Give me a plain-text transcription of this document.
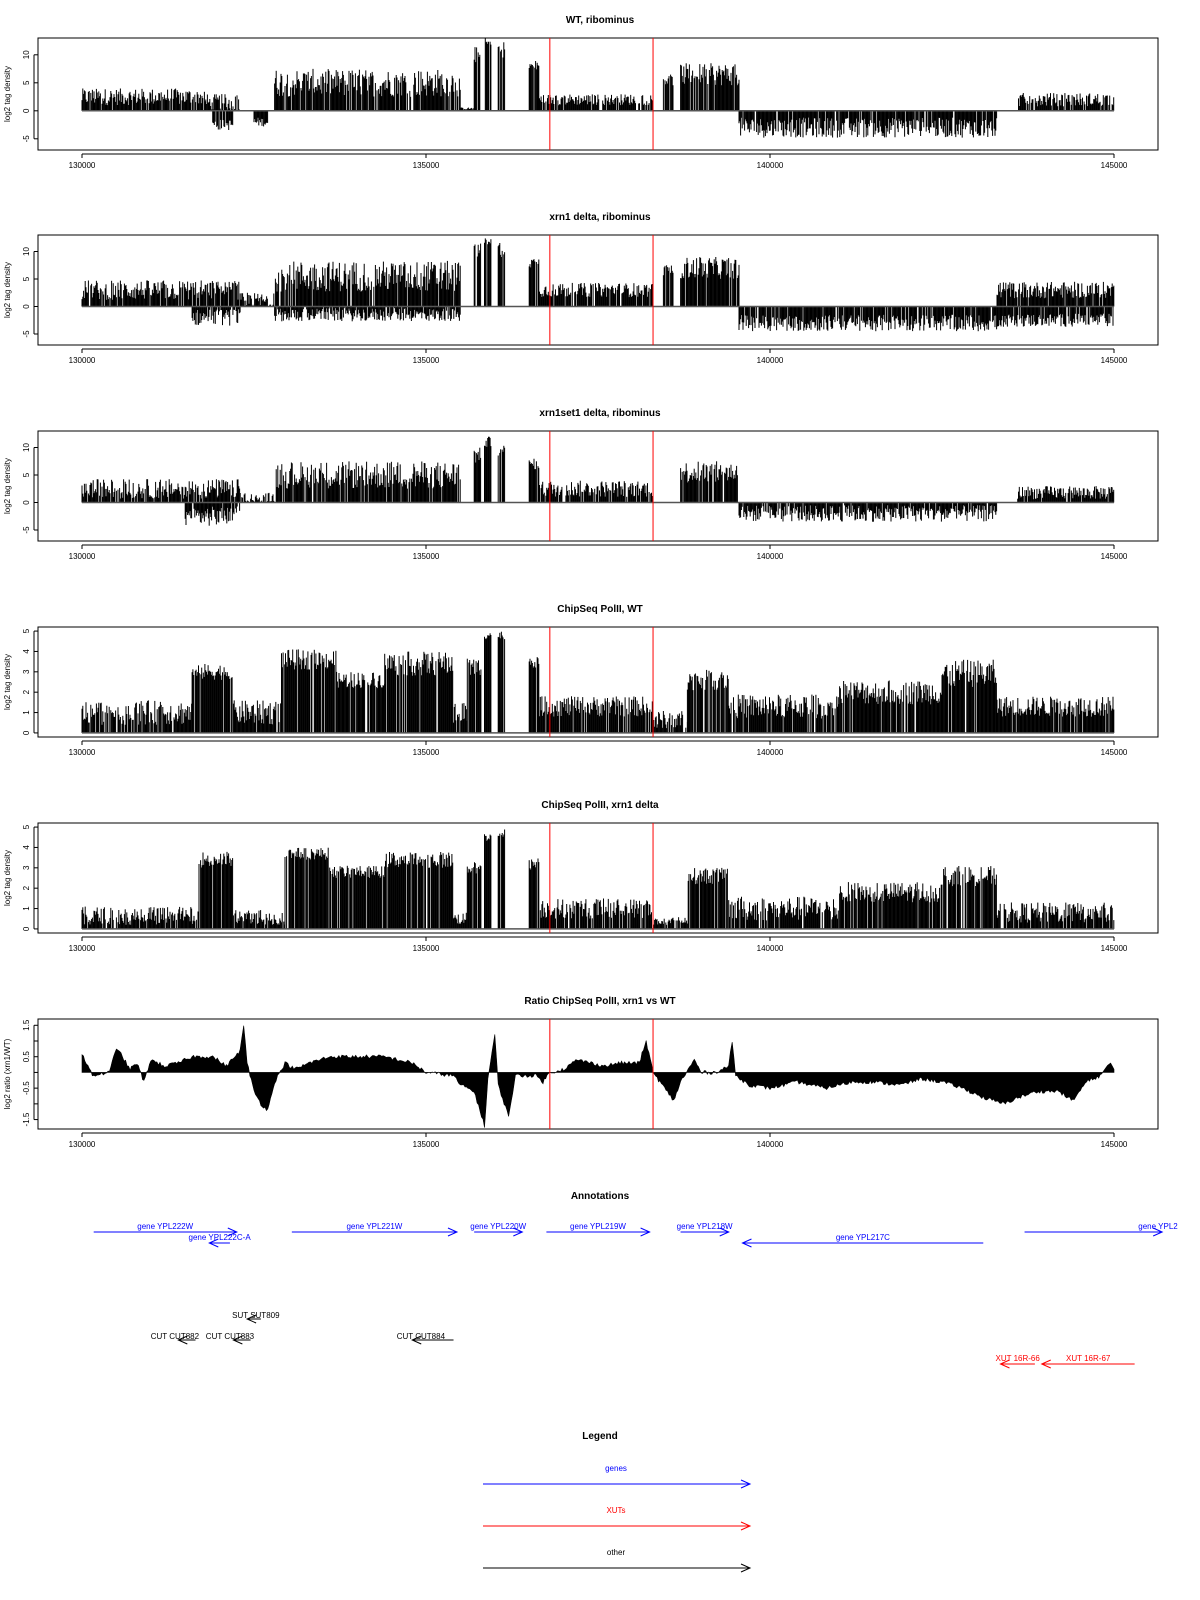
WT, ribominus
-5
0
5
10
log2 tag density
130000	135000	140000	145000
xrn1 delta, ribominus
-5
0
5
10
log2 tag density
130000	135000	140000	145000
xrn1set1 delta, ribominus
-5
0
5
10
log2 tag density
130000	135000	140000	145000
ChipSeq PolII, WT
0
1
2
3
4
5
log2 tag density
130000	135000	140000	145000
ChipSeq PolII, xrn1 delta
0
1
2
3
4
5
log2 tag density
130000	135000	140000	145000
Ratio ChipSeq PolII, xrn1 vs WT
-1.5
-0.5
0.5
1.5
log2 ratio (xrn1/WT)
130000	135000	140000	145000
Annotations
gene YPL222W
gene YPL222C-A
gene YPL221W	gene YPL220W	gene YPL219W	gene YPL218W
gene YPL217C
gene YPL2
SUT SUT809
CUT CUT882 CUT CUT883	CUT CUT884
XUT 16R-66	XUT 16R-67
Legend
genes
XUTs
other
